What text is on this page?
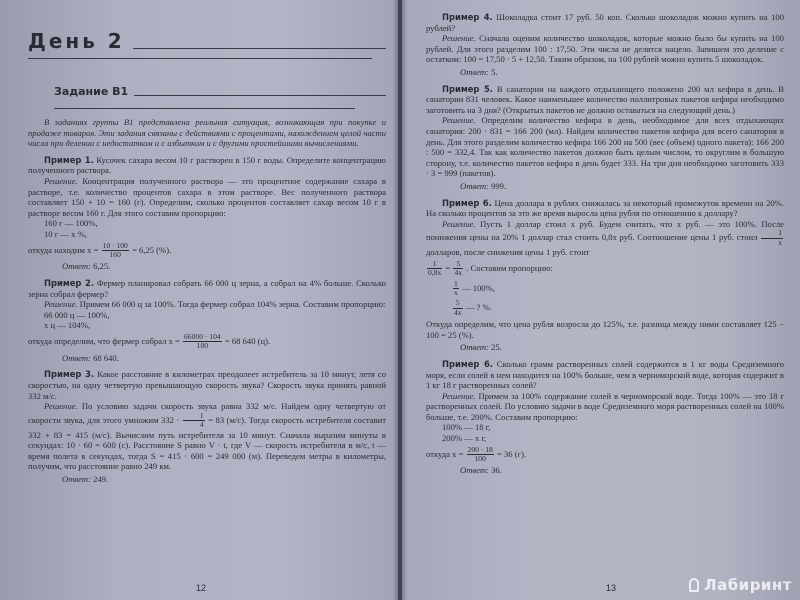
День 2
Задание B1

В заданиях группы B1 представлена реальная ситуация, возникающая при покупке и продаже товаров. Эти задания связаны с действиями с процентами, нахождением целой части числа при делении с недостатком и с избытком и с другими простейшими вычислениями.

Пример 1. Кусочек сахара весом 10 г растворен в 150 г воды. Определите концентрацию полученного раствора.

Решение. Концентрация полученного раствора — это процентное содержание сахара в растворе, т.е. количество процентов сахара в этом растворе. Вес полученного раствора составляет 150 + 10 = 160 (г). Определим, сколько процентов составляет сахар весом 10 г в растворе весом 160 г. Для этого составим пропорцию:

160 г — 100%,
10 г — x %,
откуда находим $x = \frac{10 \cdot 100}{160} = 6,25$ (%).
Ответ: 6,25.

Пример 2. Фермер планировал собрать 66 000 ц зерна, а собрал на 4% больше. Сколько зерна собрал фермер?

Решение. Примем 66 000 ц за 100%. Тогда фермер собрал 104% зерна. Составим пропорцию:

66 000 ц — 100%,
x ц — 104%,
откуда определим, что фермер собрал $x = \frac{66000 \cdot 104}{100} = 68$ 640 (ц).
Ответ: 68 640.

Пример 3. Какое расстояние в километрах преодолеет истребитель за 10 минут, летя со скоростью, на одну четвертую превышающую скорость звука? Скорость звука принять равной 332 м/с.

Решение. По условию задачи скорость звука равна 332 м/с. Найдем одну четвертую от скорости звука, для этого умножим $332 \cdot \frac{1}{4} = 83$ (м/с). Тогда скорость истребителя составит 332 + 83 = 415 (м/с). Вычислим путь истребителя за 10 минут. Сначала выразим минуты в секундах: 10 · 60 = 600 (с). Расстояние S равно V · t, где V — скорость истребителя в м/с, t — время полета в секундах, тогда S = 415 · 600 = 249 000 (м). Переведем метры в километры, получим, что расстояние равно 249 км.

Ответ: 249.
12

Пример 4. Шоколадка стоит 17 руб. 50 коп. Сколько шоколадок можно купить на 100 рублей?

Решение. Сначала оценим количество шоколадок, которые можно было бы купить на 100 рублей. Для этого разделим 100 : 17,50. Эти числа не делятся нацело. Запишем это деление с остатком: 100 = 17,50 · 5 + 12,50. Таким образом, на 100 рублей можно купить 5 шоколадок.

Ответ: 5.

Пример 5. В санатории на каждого отдыхающего положено 200 мл кефира в день. В санатории 831 человек. Какое наименьшее количество поллитровых пакетов кефира необходимо заготовить на 3 дня? (Открытых пакетов не должно оставаться на следующий день.)

Решение. Определим количество кефира в день, необходимое для всех отдыхающих санатория: 200 · 831 = 166 200 (мл). Найдем количество пакетов кефира для всего санатория в день. Для этого разделим количество кефира 166 200 на 500 (вес (объем) одного пакета): 166 200 : 500 = 332,4. Так как количество пакетов должно быть целым числом, то округлим в большую сторону, т.е. количество пакетов кефира в день будет 333. На три дня необходимо заготовить 333 · 3 = 999 (пакетов).

Ответ: 999.

Пример 6. Цена доллара в рублях снижалась за некоторый промежуток времени на 20%. На сколько процентов за это же время выросла цена рубля по отношению к доллару?

Решение. Пусть 1 доллар стоил x руб. Будем считать, что x руб. — это 100%. После понижения цены на 20% 1 доллар стал стоить 0,8x руб. Соотношение цены 1 руб. стоил $\frac{1}{x}$
долларов, после снижения цены 1 руб. стоит

$\frac{1}{0,8x} = \frac{5}{4x}$ . Составим пропорцию:
$\frac{1}{x}$ — 100%,
$\frac{5}{4x}$ — ? %.

Откуда определим, что цена рубля возросла до 125%, т.е. разница между ними составляет 125 − 100 = 25 (%).

Ответ: 25.

Пример 6. Сколько грамм растворенных солей содержится в 1 кг воды Средиземного моря, если солей в нем находится на 100% больше, чем в черноморской воде, которая содержит в 1 кг 18 г растворенных солей?

Решение. Примем за 100% содержание солей в черноморской воде. Тогда 100% — это 18 г растворенных солей. По условию задачи в воде Средиземного моря растворенных солей на 100% больше, т.е. 200%. Составим пропорцию:

100% — 18 г,
200% — x г,
откуда $x = \frac{200 \cdot 18}{100} = 36$ (г).
Ответ: 36.
13	Лабиринт
